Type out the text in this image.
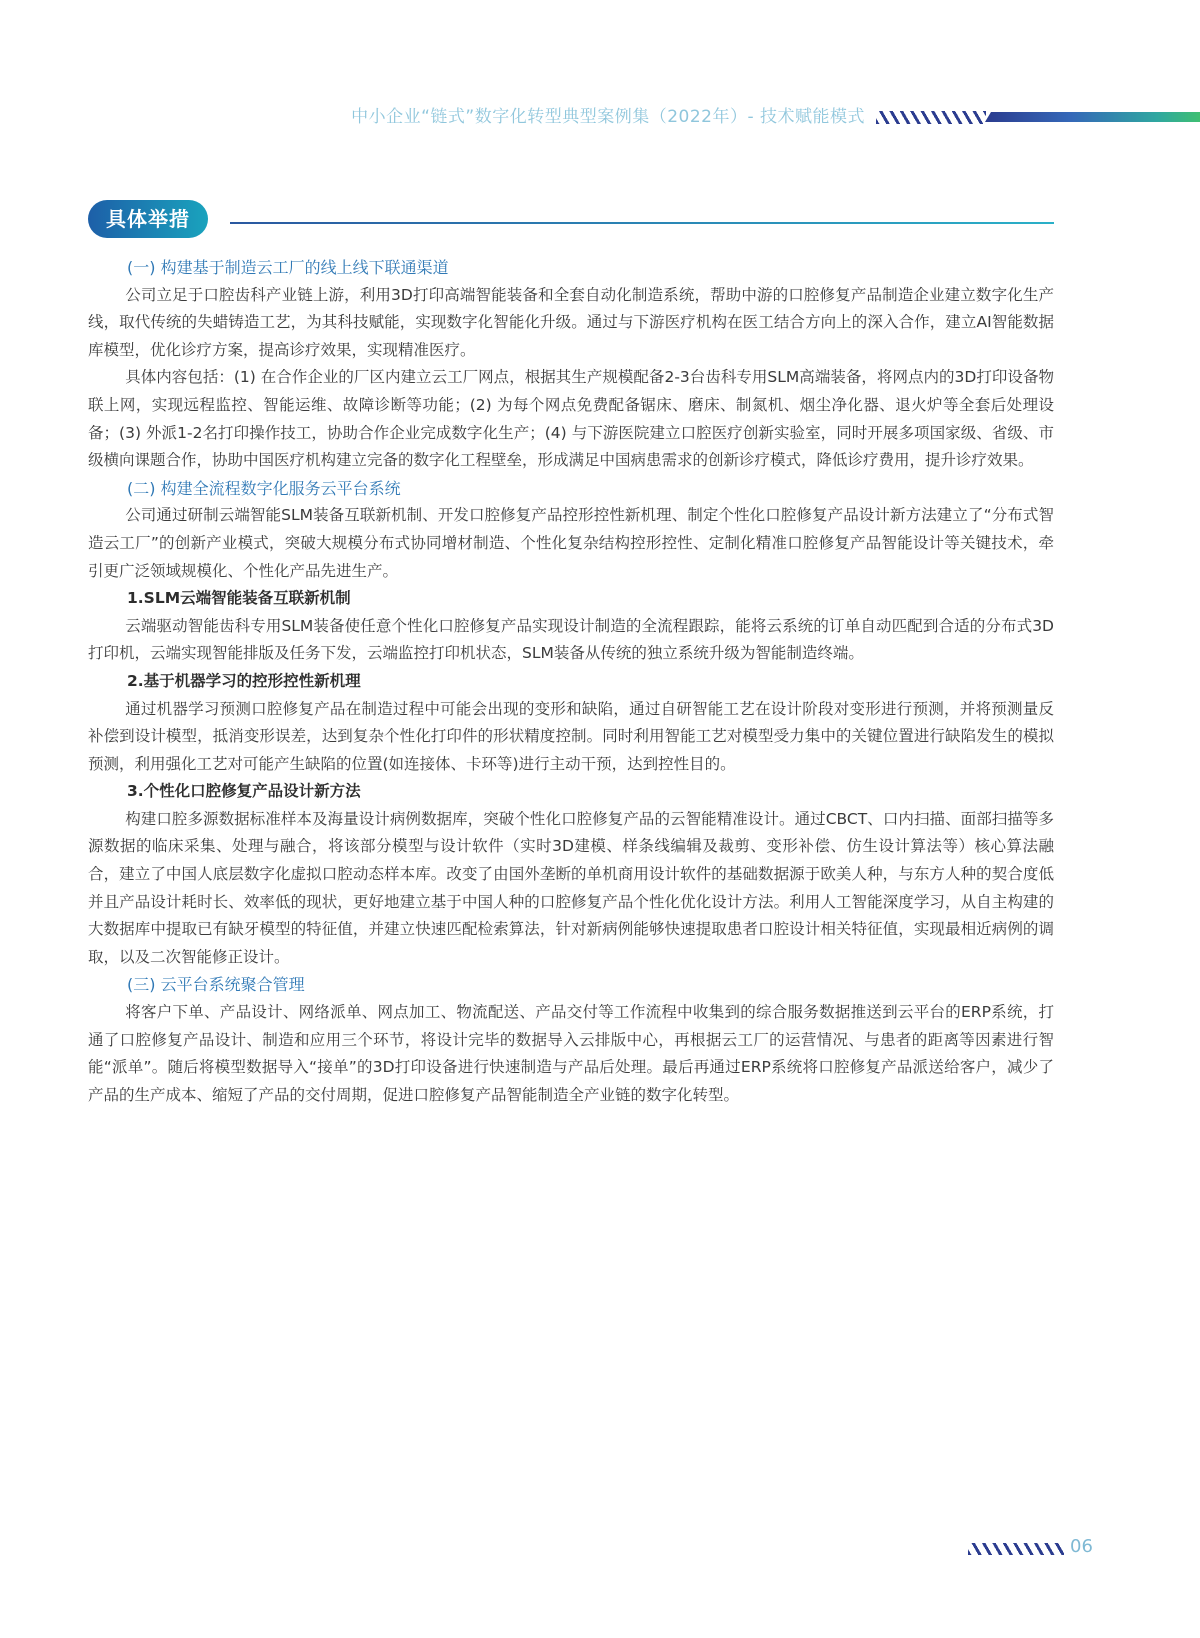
中小企业“链式”数字化转型典型案例集（2022年）- 技术赋能模式
具体举措
(一) 构建基于制造云工厂的线上线下联通渠道

公司立足于口腔齿科产业链上游，利用3D打印高端智能装备和全套自动化制造系统，帮助中游的口腔修复产品制造企业建立数字化生产线，取代传统的失蜡铸造工艺，为其科技赋能，实现数字化智能化升级。通过与下游医疗机构在医工结合方向上的深入合作，建立AI智能数据库模型，优化诊疗方案，提高诊疗效果，实现精准医疗。

具体内容包括：(1) 在合作企业的厂区内建立云工厂网点，根据其生产规模配备2-3台齿科专用SLM高端装备，将网点内的3D打印设备物联上网，实现远程监控、智能运维、故障诊断等功能；(2) 为每个网点免费配备锯床、磨床、制氮机、烟尘净化器、退火炉等全套后处理设备；(3) 外派1-2名打印操作技工，协助合作企业完成数字化生产；(4) 与下游医院建立口腔医疗创新实验室，同时开展多项国家级、省级、市级横向课题合作，协助中国医疗机构建立完备的数字化工程壁垒，形成满足中国病患需求的创新诊疗模式，降低诊疗费用，提升诊疗效果。

(二) 构建全流程数字化服务云平台系统

公司通过研制云端智能SLM装备互联新机制、开发口腔修复产品控形控性新机理、制定个性化口腔修复产品设计新方法建立了“分布式智造云工厂”的创新产业模式，突破大规模分布式协同增材制造、个性化复杂结构控形控性、定制化精准口腔修复产品智能设计等关键技术，牵引更广泛领域规模化、个性化产品先进生产。

1.SLM云端智能装备互联新机制

云端驱动智能齿科专用SLM装备使任意个性化口腔修复产品实现设计制造的全流程跟踪，能将云系统的订单自动匹配到合适的分布式3D打印机，云端实现智能排版及任务下发，云端监控打印机状态，SLM装备从传统的独立系统升级为智能制造终端。

2.基于机器学习的控形控性新机理

通过机器学习预测口腔修复产品在制造过程中可能会出现的变形和缺陷，通过自研智能工艺在设计阶段对变形进行预测，并将预测量反补偿到设计模型，抵消变形误差，达到复杂个性化打印件的形状精度控制。同时利用智能工艺对模型受力集中的关键位置进行缺陷发生的模拟预测，利用强化工艺对可能产生缺陷的位置(如连接体、卡环等)进行主动干预，达到控性目的。

3.个性化口腔修复产品设计新方法

构建口腔多源数据标准样本及海量设计病例数据库，突破个性化口腔修复产品的云智能精准设计。通过CBCT、口内扫描、面部扫描等多源数据的临床采集、处理与融合，将该部分模型与设计软件（实时3D建模、样条线编辑及裁剪、变形补偿、仿生设计算法等）核心算法融合，建立了中国人底层数字化虚拟口腔动态样本库。改变了由国外垄断的单机商用设计软件的基础数据源于欧美人种，与东方人种的契合度低并且产品设计耗时长、效率低的现状，更好地建立基于中国人种的口腔修复产品个性化优化设计方法。利用人工智能深度学习，从自主构建的大数据库中提取已有缺牙模型的特征值，并建立快速匹配检索算法，针对新病例能够快速提取患者口腔设计相关特征值，实现最相近病例的调取，以及二次智能修正设计。

(三) 云平台系统聚合管理

将客户下单、产品设计、网络派单、网点加工、物流配送、产品交付等工作流程中收集到的综合服务数据推送到云平台的ERP系统，打通了口腔修复产品设计、制造和应用三个环节，将设计完毕的数据导入云排版中心，再根据云工厂的运营情况、与患者的距离等因素进行智能“派单”。随后将模型数据导入“接单”的3D打印设备进行快速制造与产品后处理。最后再通过ERP系统将口腔修复产品派送给客户，减少了产品的生产成本、缩短了产品的交付周期，促进口腔修复产品智能制造全产业链的数字化转型。

06
